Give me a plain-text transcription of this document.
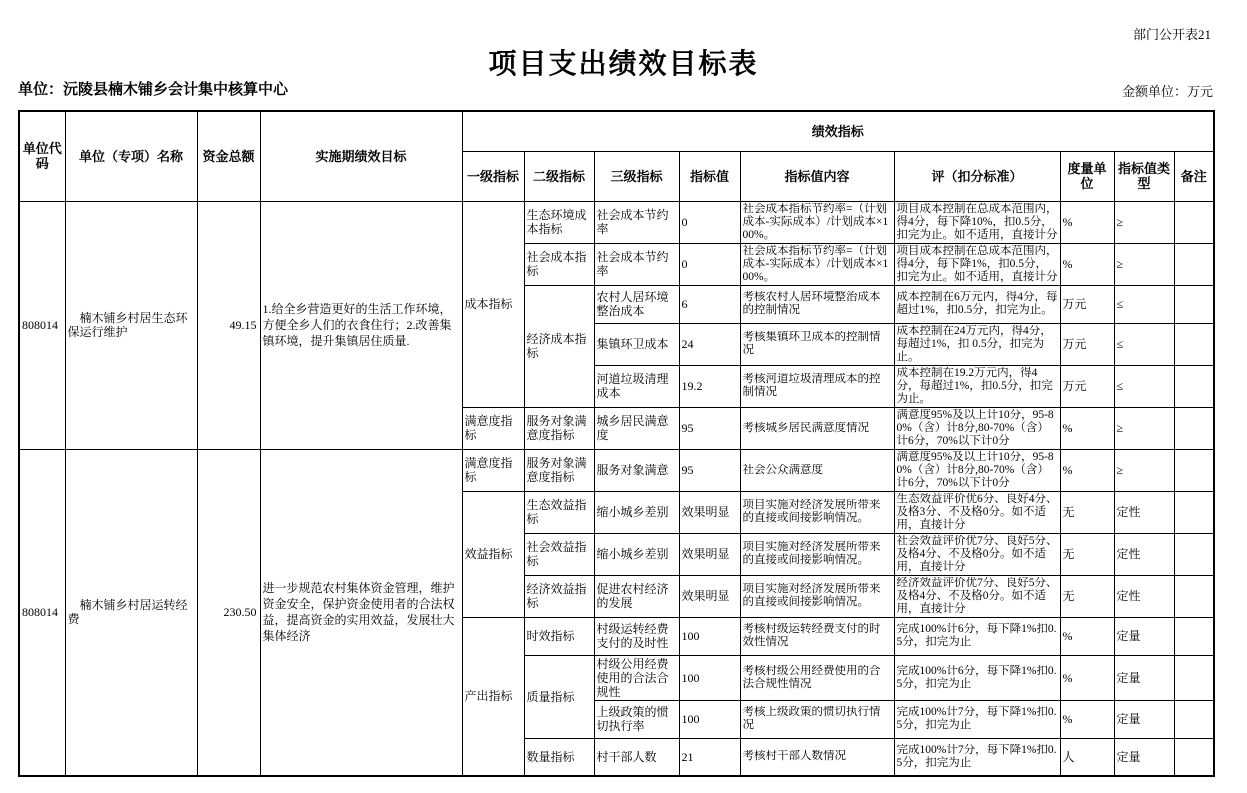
部门公开表21
项目支出绩效目标表
单位：沅陵县楠木铺乡会计集中核算中心	金额单位：万元
单位代码	单位（专项）名称	资金总额	实施期绩效目标	绩效指标								
				一级指标	二级指标	三级指标	指标值	指标值内容	评（扣分标准）	度量单位	指标值类型	备注
808014	楠木铺乡村居生态环保运行维护	49.15	1.给全乡营造更好的生活工作环境，方便全乡人们的衣食住行；2.改善集镇环境，提升集镇居住质量.	成本指标	生态环境成本指标	社会成本节约率	0	社会成本指标节约率=（计划成本-实际成本）/计划成本×100%。	项目成本控制在总成本范围内，得4分，每下降10%，扣0.5分，扣完为止。如不适用，直接计分	%	≥	
					社会成本指标	社会成本节约率	0	社会成本指标节约率=（计划成本-实际成本）/计划成本×100%。	项目成本控制在总成本范围内，得4分，每下降1%，扣0.5分，扣完为止。如不适用，直接计分	%	≥	
					经济成本指标	农村人居环境整治成本	6	考核农村人居环境整治成本的控制情况	成本控制在6万元内，得4分，每超过1%，扣0.5分，扣完为止。	万元	≤	
						集镇环卫成本	24	考核集镇环卫成本的控制情况	成本控制在24万元内，得4分，每超过1%，扣 0.5分，扣完为止。	万元	≤	
						河道垃圾清理成本	19.2	考核河道垃圾清理成本的控制情况	成本控制在19.2万元内，得4分，每超过1%，扣0.5分，扣完为止。	万元	≤	
				满意度指标	服务对象满意度指标	城乡居民满意度	95	考核城乡居民满意度情况	满意度95%及以上计10分，95-80%（含）计8分,80-70%（含）计6分，70%以下计0分	%	≥	
808014	楠木铺乡村居运转经费	230.50	进一步规范农村集体资金管理，维护资金安全，保护资金使用者的合法权益，提高资金的实用效益，发展壮大集体经济	满意度指标	服务对象满意度指标	服务对象满意	95	社会公众满意度	满意度95%及以上计10分，95-80%（含）计8分,80-70%（含）计6分，70%以下计0分	%	≥	
				效益指标	生态效益指标	缩小城乡差别	效果明显	项目实施对经济发展所带来的直接或间接影响情况。	生态效益评价优6分、良好4分、及格3分、不及格0分。如不适用，直接计分	无	定性	
					社会效益指标	缩小城乡差别	效果明显	项目实施对经济发展所带来的直接或间接影响情况。	社会效益评价优7分、良好5分、及格4分、不及格0分。如不适用，直接计分	无	定性	
					经济效益指标	促进农村经济的发展	效果明显	项目实施对经济发展所带来的直接或间接影响情况。	经济效益评价优7分、良好5分、及格4分、不及格0分。如不适用，直接计分	无	定性	
				产出指标	时效指标	村级运转经费支付的及时性	100	考核村级运转经费支付的时效性情况	完成100%计6分，每下降1%扣0.5分，扣完为止	%	定量	
					质量指标	村级公用经费使用的合法合规性	100	考核村级公用经费使用的合法合规性情况	完成100%计6分，每下降1%扣0.5分，扣完为止	%	定量	
						上级政策的惯切执行率	100	考核上级政策的惯切执行情况	完成100%计7分，每下降1%扣0.5分，扣完为止	%	定量	
					数量指标	村干部人数	21	考核村干部人数情况	完成100%计7分，每下降1%扣0.5分，扣完为止	人	定量	
